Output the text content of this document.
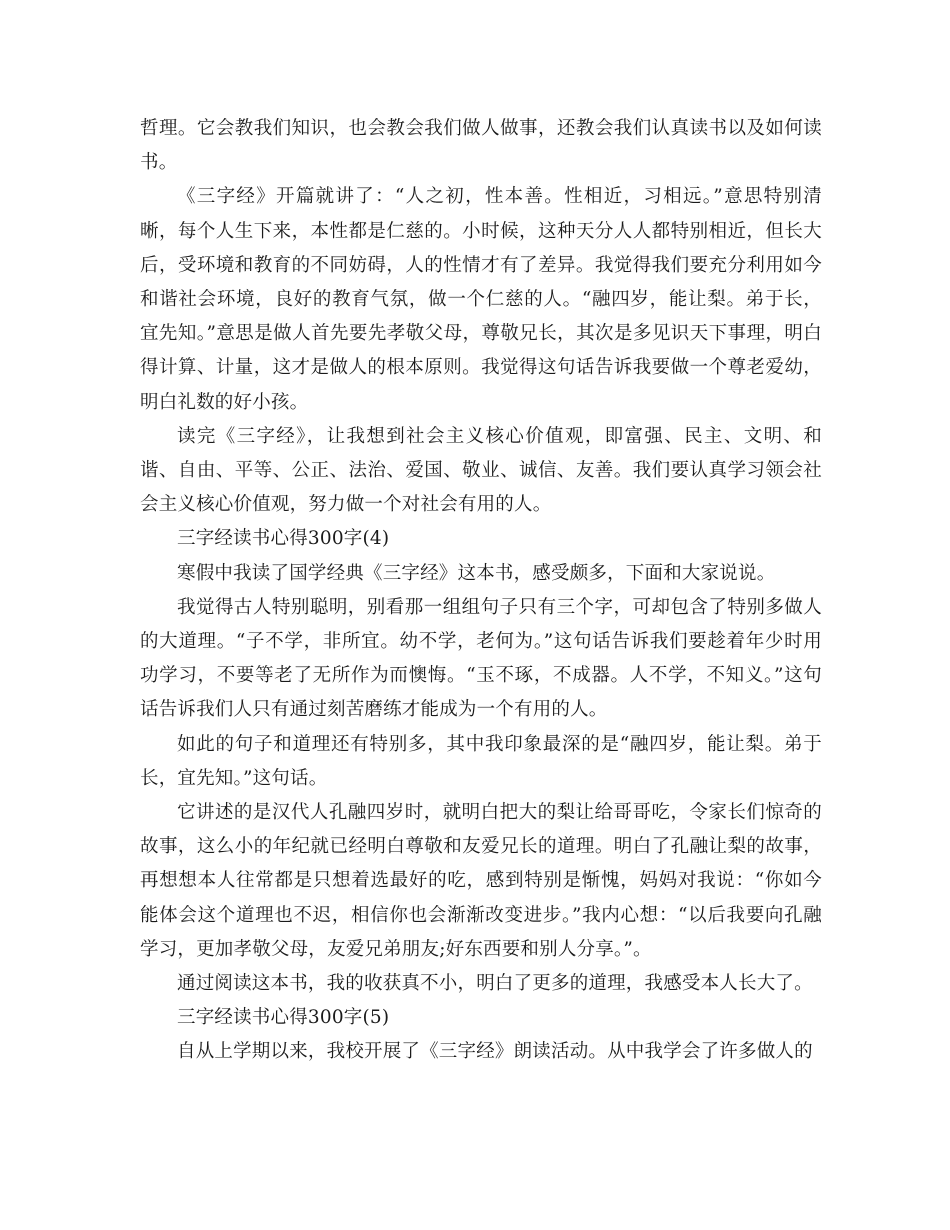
哲理。它会教我们知识，也会教会我们做人做事，还教会我们认真读书以及如何读书。

《三字经》开篇就讲了：“人之初，性本善。性相近，习相远。”意思特别清晰，每个人生下来，本性都是仁慈的。小时候，这种天分人人都特别相近，但长大后，受环境和教育的不同妨碍，人的性情才有了差异。我觉得我们要充分利用如今和谐社会环境，良好的教育气氛，做一个仁慈的人。“融四岁，能让梨。弟于长，宜先知。”意思是做人首先要先孝敬父母，尊敬兄长，其次是多见识天下事理，明白得计算、计量，这才是做人的根本原则。我觉得这句话告诉我要做一个尊老爱幼，明白礼数的好小孩。

读完《三字经》，让我想到社会主义核心价值观，即富强、民主、文明、和谐、自由、平等、公正、法治、爱国、敬业、诚信、友善。我们要认真学习领会社会主义核心价值观，努力做一个对社会有用的人。

三字经读书心得300字(4)

寒假中我读了国学经典《三字经》这本书，感受颇多，下面和大家说说。

我觉得古人特别聪明，别看那一组组句子只有三个字，可却包含了特别多做人的大道理。“子不学，非所宜。幼不学，老何为。”这句话告诉我们要趁着年少时用功学习，不要等老了无所作为而懊悔。“玉不琢，不成器。人不学，不知义。”这句话告诉我们人只有通过刻苦磨练才能成为一个有用的人。

如此的句子和道理还有特别多，其中我印象最深的是“融四岁，能让梨。弟于长，宜先知。”这句话。

它讲述的是汉代人孔融四岁时，就明白把大的梨让给哥哥吃，令家长们惊奇的故事，这么小的年纪就已经明白尊敬和友爱兄长的道理。明白了孔融让梨的故事，再想想本人往常都是只想着选最好的吃，感到特别是惭愧，妈妈对我说：“你如今能体会这个道理也不迟，相信你也会渐渐改变进步。”我内心想：“以后我要向孔融学习，更加孝敬父母，友爱兄弟朋友;好东西要和别人分享。”。

通过阅读这本书，我的收获真不小，明白了更多的道理，我感受本人长大了。

三字经读书心得300字(5)

自从上学期以来，我校开展了《三字经》朗读活动。从中我学会了许多做人的
